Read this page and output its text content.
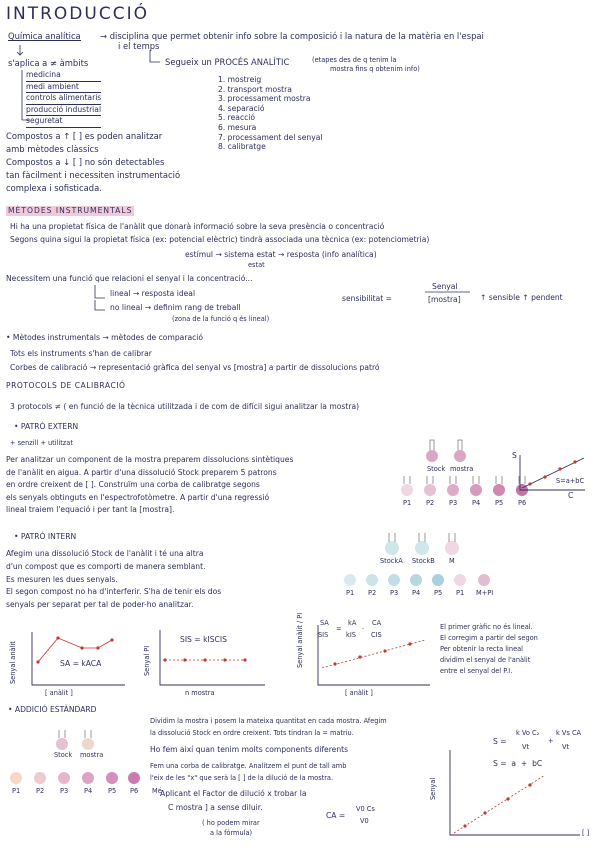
INTRODUCCIÓ
Química analítica → disciplina que permet obtenir info sobre la composició i la natura de la matèria en l'espai
i el temps
s'aplica a ≠ àmbits
medicina
medi ambient
controls alimentaris
producció industrial
seguretat
Segueix un PROCÉS ANALÍTIC	(etapes des de q tenim la
mostra fins q obtenim info)
1. mostreig
2. transport mostra
3. processament mostra
4. separació
5. reacció
6. mesura
7. processament del senyal
8. calibratge
Compostos a ↑ [ ] es poden analitzar
amb mètodes clàssics
Compostos a ↓ [ ] no són detectables
tan fàcilment i necessiten instrumentació
complexa i sofisticada.
MÈTODES INSTRUMENTALS
Hi ha una propietat física de l'anàlit que donarà informació sobre la seva presència o concentració
Segons quina sigui la propietat física (ex: potencial elèctric) tindrà associada una tècnica (ex: potenciometria)
estímul → sistema estat → resposta (info analítica)
estat
Necessitem una funció que relacioni el senyal i la concentració...
lineal → resposta ideal
no lineal → definim rang de treball
(zona de la funció q és lineal)
sensibilitat =
Senyal
[mostra]	↑ sensible ↑ pendent
• Mètodes instrumentals → mètodes de comparació
Tots els instruments s'han de calibrar
Corbes de calibració → representació gràfica del senyal vs [mostra] a partir de dissolucions patró
PROTOCOLS DE CALIBRACIÓ
3 protocols ≠ ( en funció de la tècnica utilitzada i de com de difícil sigui analitzar la mostra)
• PATRÓ EXTERN
+ senzill + utilitzat
Per analitzar un component de la mostra preparem dissolucions sintètiques
de l'anàlit en aigua. A partir d'una dissolució Stock preparem 5 patrons
en ordre creixent de [ ]. Construïm una corba de calibratge segons
els senyals obtinguts en l'espectrofotòmetre. A partir d'una regressió
lineal traiem l'equació i per tant la [mostra].
Stock mostra
P1 P2 P3 P4 P5 P6
S
C
S=a+bC
• PATRÓ INTERN
Afegim una dissolució Stock de l'anàlit i té una altra
d'un compost que es comporti de manera semblant.
Es mesuren les dues senyals.
El segon compost no ha d'interferir. S'ha de tenir els dos
senyals per separat per tal de poder-ho analitzar.
StockA StockB M
P1 P2 P3 P4 P5 P1 M+PI
Senyal anàlit
[ anàlit ]
SA = kACA	Senyal PI
n mostra
SIS = kISCIS	Senyal anàlit / PI
[ anàlit ]
SA
SIS
=
kA
kIS
·
CA
CIS
El primer gràfic no és lineal.
El corregim a partir del segon
Per obtenir la recta lineal
dividim el senyal de l'anàlit
entre el senyal del P.I.
• ADDICIÓ ESTÀNDARD
Dividim la mostra i posem la mateixa quantitat en cada mostra. Afegim
la dissolució Stock en ordre creixent. Tots tindran la = matriu.
Ho fem així quan tenim molts components diferents
Fem una corba de calibratge. Analitzem el punt de tall amb
l'eix de les "x" que serà la [ ] de la dilució de la mostra.
Aplicant el Factor de dilució x trobar la
C mostra ] a sense diluir.
( ho podem mirar
a la fórmula)
CA =
V0 Cs
V0
Stock mostra
P1 P2 P3 P4 P5 P6 Mé
S =
k Vo C₂
Vt
+
k Vs CA
Vt
S =  a  +  bC
Senyal
[ ]
